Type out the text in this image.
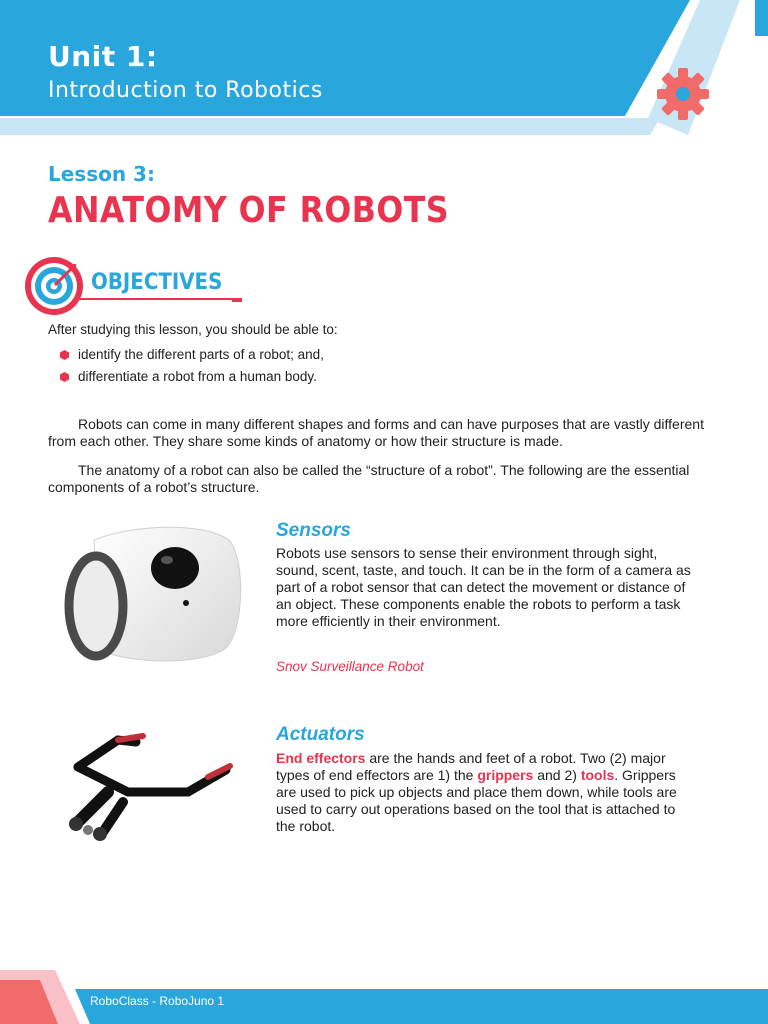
Unit 1:
Introduction to Robotics
Lesson 3:
ANATOMY OF ROBOTS
OBJECTIVES
After studying this lesson, you should be able to:
identify the different parts of a robot; and,
differentiate a robot from a human body.
Robots can come in many different shapes and forms and can have purposes that are vastly different from each other. They share some kinds of anatomy or how their structure is made.
The anatomy of a robot can also be called the “structure of a robot”. The following are the essential components of a robot’s structure.
Sensors
Robots use sensors to sense their environment through sight, sound, scent, taste, and touch. It can be in the form of a camera as part of a robot sensor that can detect the movement or distance of an object. These components enable the robots to perform a task more efficiently in their environment.
Snov Surveillance Robot
Actuators
End effectors are the hands and feet of a robot. Two (2) major types of end effectors are 1) the grippers and 2) tools. Grippers are used to pick up objects and place them down, while tools are used to carry out operations based on the tool that is attached to the robot.
RoboClass - RoboJuno 1
